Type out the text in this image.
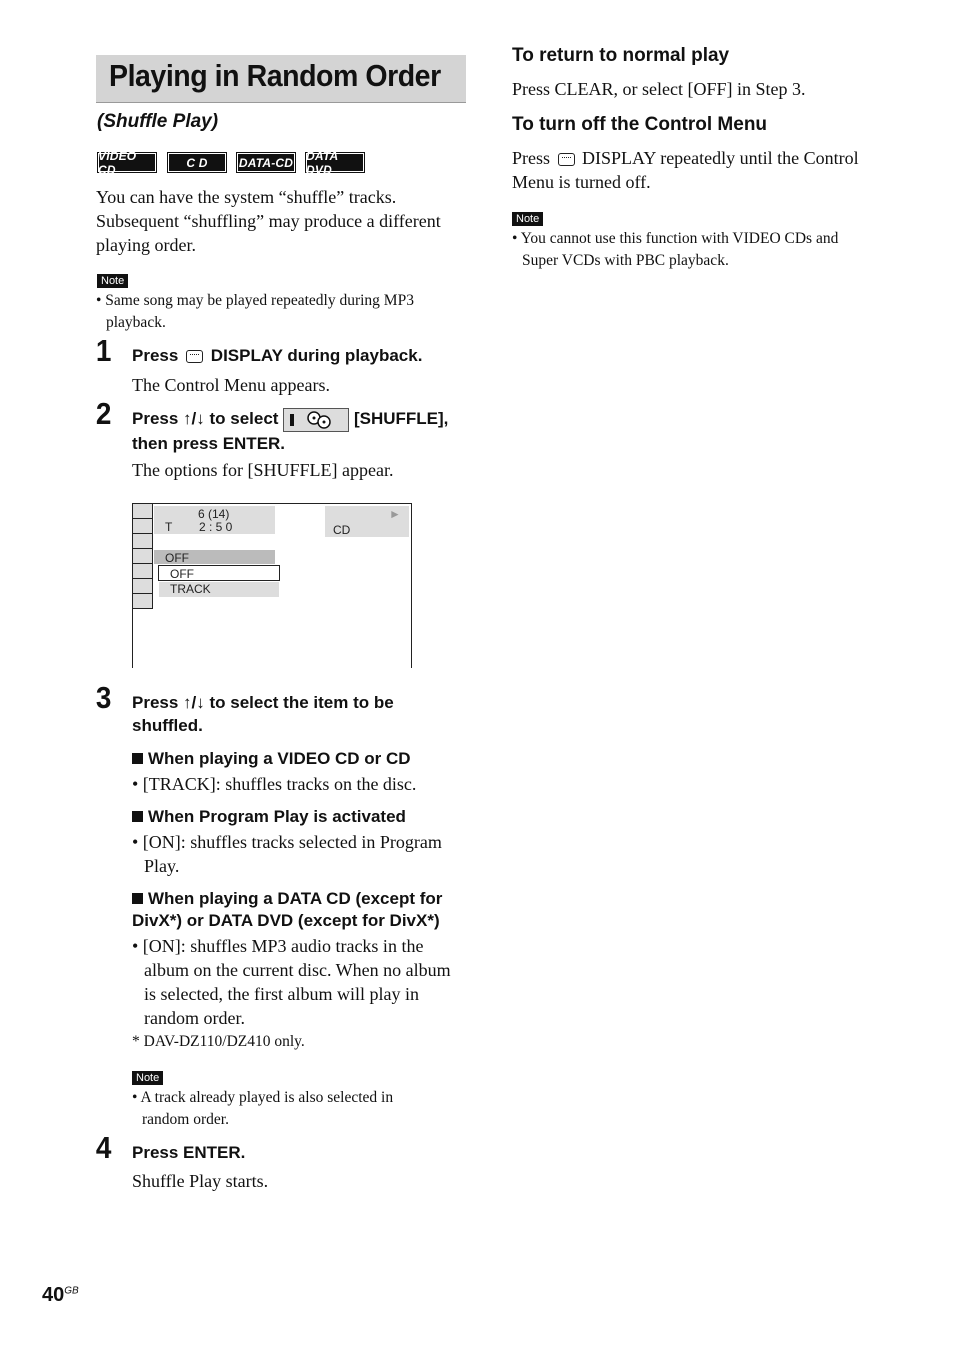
Playing in Random Order
(Shuffle Play)
VIDEO CD	C D	DATA-CD DATA DVD
You can have the system “shuffle” tracks.
Subsequent “shuffling” may produce a different
playing order.
Note
• Same song may be played repeatedly during MP3
playback.
1 Press DISPLAY during playback.
The Control Menu appears.
2 Press ↑/↓ to select	[SHUFFLE],
then press ENTER.
The options for [SHUFFLE] appear.
6 (14)
T 2 : 5 0	CD
►
OFF
OFF
TRACK
3 Press ↑/↓ to select the item to be
shuffled.
When playing a VIDEO CD or CD
• [TRACK]: shuffles tracks on the disc.
When Program Play is activated
• [ON]: shuffles tracks selected in Program
Play.
When playing a DATA CD (except for
DivX*) or DATA DVD (except for DivX*)
• [ON]: shuffles MP3 audio tracks in the
album on the current disc. When no album
is selected, the first album will play in
random order.
* DAV-DZ110/DZ410 only.
Note
• A track already played is also selected in
random order.
4 Press ENTER.
Shuffle Play starts.
To return to normal play
Press CLEAR, or select [OFF] in Step 3.
To turn off the Control Menu
Press DISPLAY repeatedly until the Control
Menu is turned off.
Note
• You cannot use this function with VIDEO CDs and
Super VCDs with PBC playback.
$40^{GB}$
